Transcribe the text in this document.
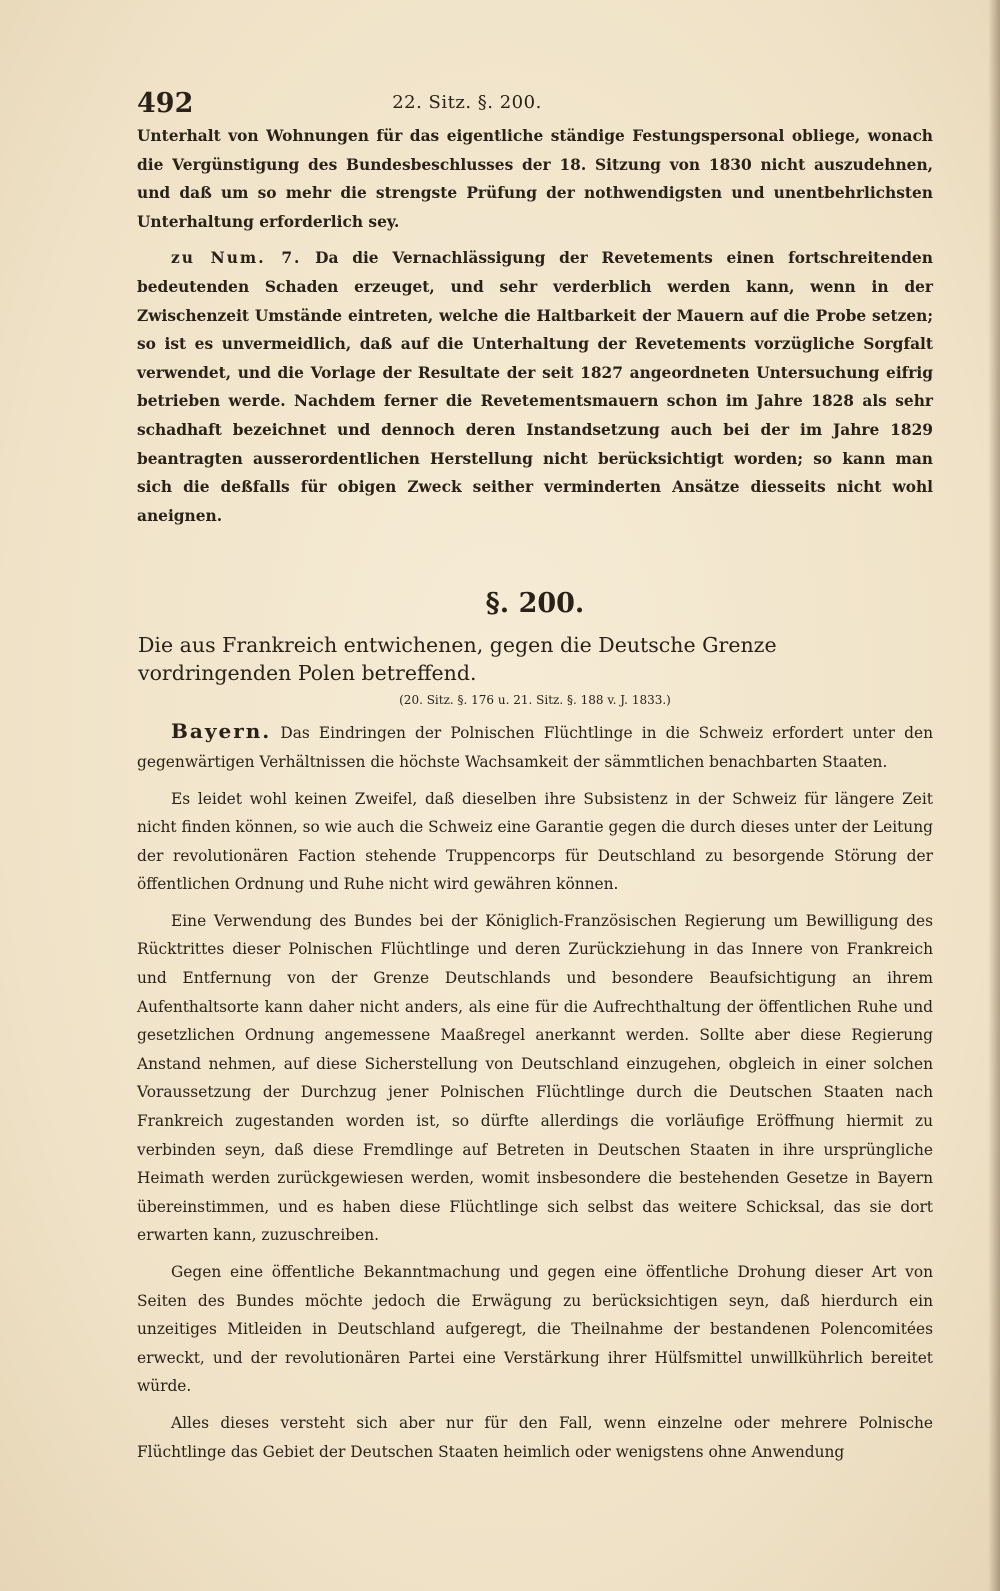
492	22. Sitz. §. 200.

Unterhalt von Wohnungen für das eigentliche ständige Festungspersonal obliege, wonach die Vergünstigung des Bundesbeschlusses der 18. Sitzung von 1830 nicht auszudehnen, und daß um so mehr die strengste Prüfung der nothwendigsten und unentbehrlichsten Unterhaltung erforderlich sey.

zu Num. 7. Da die Vernachlässigung der Revetements einen fortschreitenden bedeutenden Schaden erzeuget, und sehr verderblich werden kann, wenn in der Zwischenzeit Umstände eintreten, welche die Haltbarkeit der Mauern auf die Probe setzen; so ist es unvermeidlich, daß auf die Unterhaltung der Revetements vorzügliche Sorgfalt verwendet, und die Vorlage der Resultate der seit 1827 angeordneten Untersuchung eifrig betrieben werde. Nachdem ferner die Revetementsmauern schon im Jahre 1828 als sehr schadhaft bezeichnet und dennoch deren Instandsetzung auch bei der im Jahre 1829 beantragten ausserordentlichen Herstellung nicht berücksichtigt worden; so kann man sich die deßfalls für obigen Zweck seither verminderten Ansätze diesseits nicht wohl aneignen.

§. 200.
Die aus Frankreich entwichenen, gegen die Deutsche Grenze vordringenden Polen betreffend.
(20. Sitz. §. 176 u. 21. Sitz. §. 188 v. J. 1833.)

Bayern. Das Eindringen der Polnischen Flüchtlinge in die Schweiz erfordert unter den gegenwärtigen Verhältnissen die höchste Wachsamkeit der sämmtlichen benachbarten Staaten.

Es leidet wohl keinen Zweifel, daß dieselben ihre Subsistenz in der Schweiz für längere Zeit nicht finden können, so wie auch die Schweiz eine Garantie gegen die durch dieses unter der Leitung der revolutionären Faction stehende Truppencorps für Deutschland zu besorgende Störung der öffentlichen Ordnung und Ruhe nicht wird gewähren können.

Eine Verwendung des Bundes bei der Königlich-Französischen Regierung um Bewilligung des Rücktrittes dieser Polnischen Flüchtlinge und deren Zurückziehung in das Innere von Frankreich und Entfernung von der Grenze Deutschlands und besondere Beaufsichtigung an ihrem Aufenthaltsorte kann daher nicht anders, als eine für die Aufrechthaltung der öffentlichen Ruhe und gesetzlichen Ordnung angemessene Maaßregel anerkannt werden. Sollte aber diese Regierung Anstand nehmen, auf diese Sicherstellung von Deutschland einzugehen, obgleich in einer solchen Voraussetzung der Durchzug jener Polnischen Flüchtlinge durch die Deutschen Staaten nach Frankreich zugestanden worden ist, so dürfte allerdings die vorläufige Eröffnung hiermit zu verbinden seyn, daß diese Fremdlinge auf Betreten in Deutschen Staaten in ihre ursprüngliche Heimath werden zurückgewiesen werden, womit insbesondere die bestehenden Gesetze in Bayern übereinstimmen, und es haben diese Flüchtlinge sich selbst das weitere Schicksal, das sie dort erwarten kann, zuzuschreiben.

Gegen eine öffentliche Bekanntmachung und gegen eine öffentliche Drohung dieser Art von Seiten des Bundes möchte jedoch die Erwägung zu berücksichtigen seyn, daß hierdurch ein unzeitiges Mitleiden in Deutschland aufgeregt, die Theilnahme der bestandenen Polencomitées erweckt, und der revolutionären Partei eine Verstärkung ihrer Hülfsmittel unwillkührlich bereitet würde.

Alles dieses versteht sich aber nur für den Fall, wenn einzelne oder mehrere Polnische Flüchtlinge das Gebiet der Deutschen Staaten heimlich oder wenigstens ohne Anwendung
